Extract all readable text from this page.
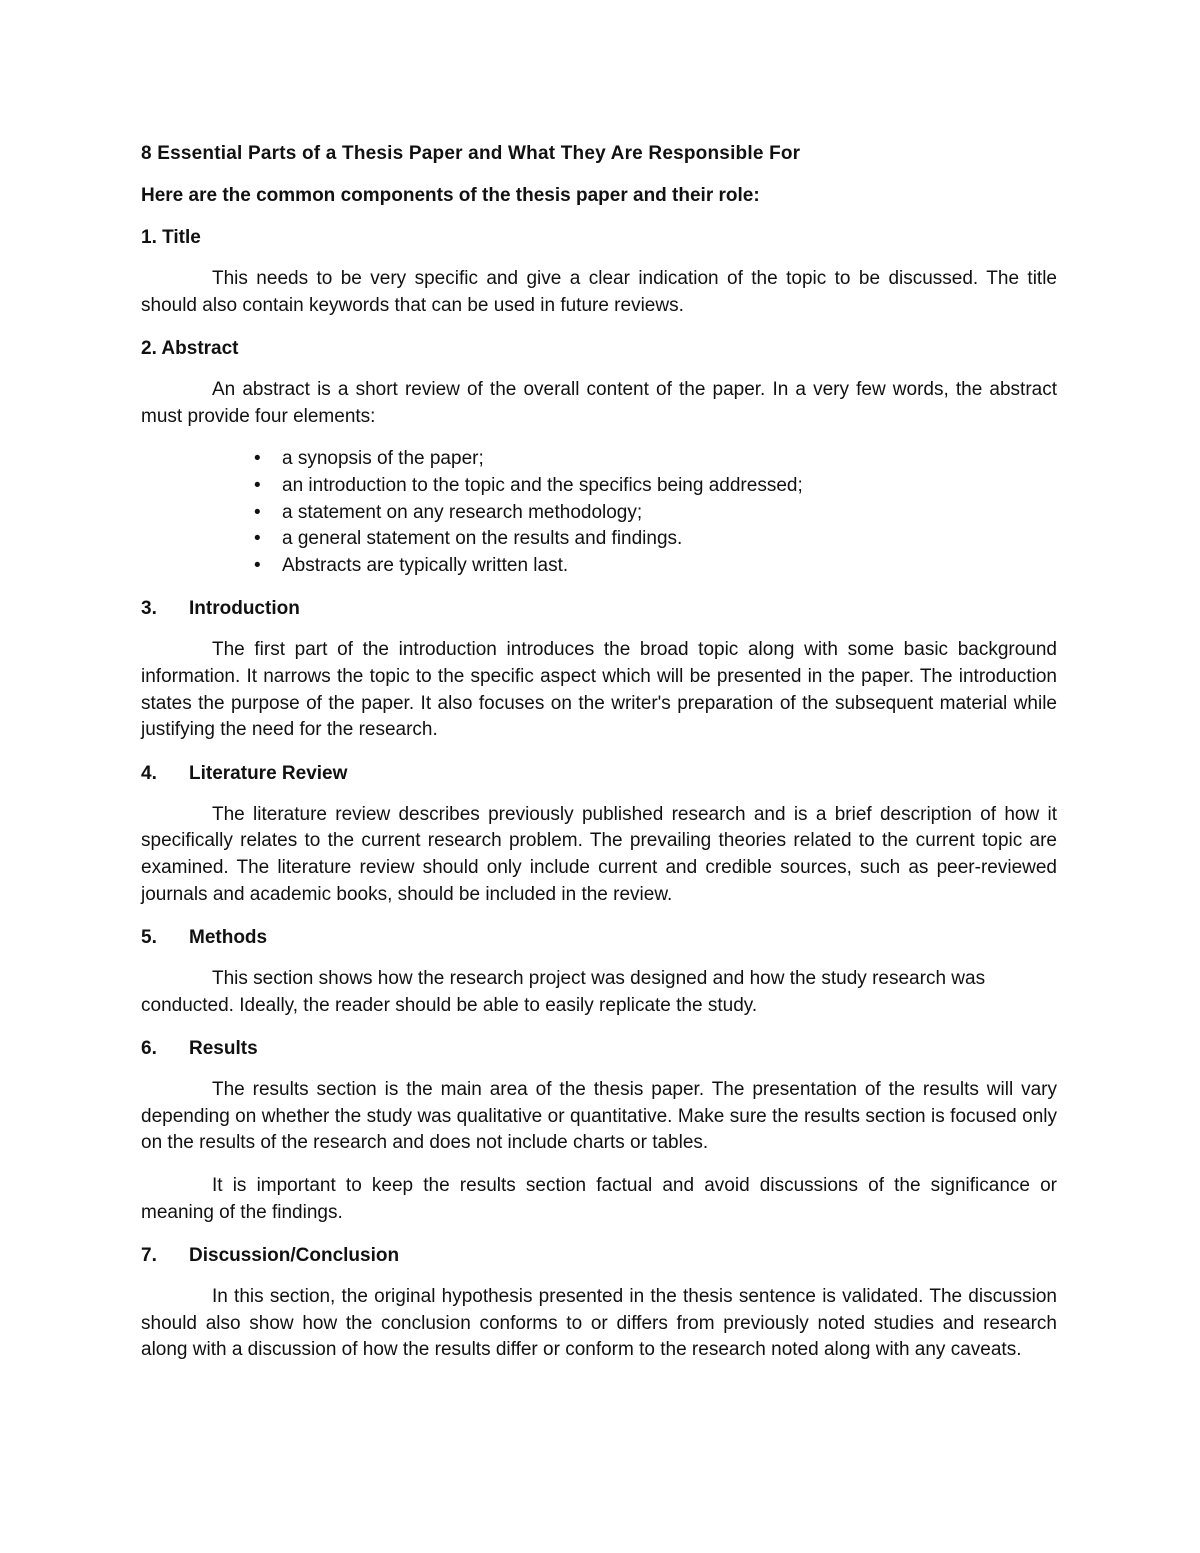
8 Essential Parts of a Thesis Paper and What They Are Responsible For
Here are the common components of the thesis paper and their role:
1. Title

This needs to be very specific and give a clear indication of the topic to be discussed. The title should also contain keywords that can be used in future reviews.

2. Abstract

An abstract is a short review of the overall content of the paper. In a very few words, the abstract must provide four elements:

• a synopsis of the paper;
• an introduction to the topic and the specifics being addressed;
• a statement on any research methodology;
• a general statement on the results and findings.
• Abstracts are typically written last.
3. Introduction

The first part of the introduction introduces the broad topic along with some basic background information. It narrows the topic to the specific aspect which will be presented in the paper. The introduction states the purpose of the paper. It also focuses on the writer's preparation of the subsequent material while justifying the need for the research.

4. Literature Review

The literature review describes previously published research and is a brief description of how it specifically relates to the current research problem. The prevailing theories related to the current topic are examined. The literature review should only include current and credible sources, such as peer-reviewed journals and academic books, should be included in the review.

5. Methods

This section shows how the research project was designed and how the study research was conducted. Ideally, the reader should be able to easily replicate the study.

6. Results

The results section is the main area of the thesis paper. The presentation of the results will vary depending on whether the study was qualitative or quantitative. Make sure the results section is focused only on the results of the research and does not include charts or tables.

It is important to keep the results section factual and avoid discussions of the significance or meaning of the findings.

7. Discussion/Conclusion

In this section, the original hypothesis presented in the thesis sentence is validated. The discussion should also show how the conclusion conforms to or differs from previously noted studies and research along with a discussion of how the results differ or conform to the research noted along with any caveats.
